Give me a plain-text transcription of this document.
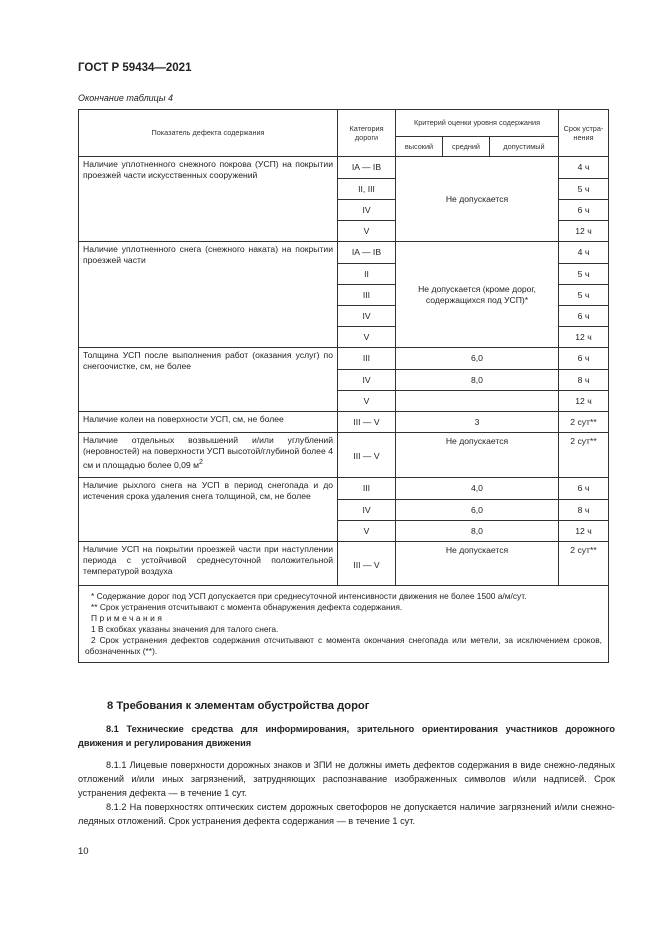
ГОСТ Р 59434—2021
Окончание таблицы 4
Показатель дефекта содержания	Категория дороги	Критерий оценки уровня содержания			Срок устра-нения
		высокий	средний	допустимый	
Наличие уплотненного снежного покрова (УСП) на покрытии проезжей части искусственных сооружений	IA — IB	Не допускается			4 ч
	II, III				5 ч
	IV				6 ч
	V				12 ч
Наличие уплотненного снега (снежного наката) на покрытии проезжей части	IA — IB	Не допускается (кроме дорог, содержащихся под УСП)*			4 ч
	II				5 ч
	III				5 ч
	IV				6 ч
	V				12 ч
Толщина УСП после выполнения работ (оказания услуг) по снегоочистке, см, не более	III	6,0			6 ч
	IV	8,0			8 ч
	V				12 ч
Наличие колеи на поверхности УСП, см, не более	III — V	3			2 сут**
Наличие отдельных возвышений и/или углублений (неровностей) на поверхности УСП высотой/глубиной более 4 см и площадью более 0,09 $м^2$	III — V	Не допускается			2 сут**
Наличие рыхлого снега на УСП в период снегопада и до истечения срока удаления снега толщиной, см, не более	III	4,0			6 ч
	IV	6,0			8 ч
	V	8,0			12 ч
Наличие УСП на покрытии проезжей части при наступлении периода с устойчивой среднесуточной положительной температурой воздуха	III — V	Не допускается			2 сут**

* Содержание дорог под УСП допускается при среднесуточной интенсивности движения не более 1500 а/м/сут.

** Срок устранения отсчитывают с момента обнаружения дефекта содержания.

Примечания

1 В скобках указаны значения для талого снега.

2 Срок устранения дефектов содержания отсчитывают с момента окончания снегопада или метели, за исключением сроков, обозначенных (**).					

8 Требования к элементам обустройства дорог
8.1 Технические средства для информирования, зрительного ориентирования участников дорожного движения и регулирования движения
8.1.1 Лицевые поверхности дорожных знаков и ЗПИ не должны иметь дефектов содержания в виде снежно-ледяных отложений и/или иных загрязнений, затрудняющих распознавание изображенных символов и/или надписей. Срок устранения дефекта — в течение 1 сут.
8.1.2 На поверхностях оптических систем дорожных светофоров не допускается наличие загрязнений и/или снежно-ледяных отложений. Срок устранения дефекта содержания — в течение 1 сут.
10
